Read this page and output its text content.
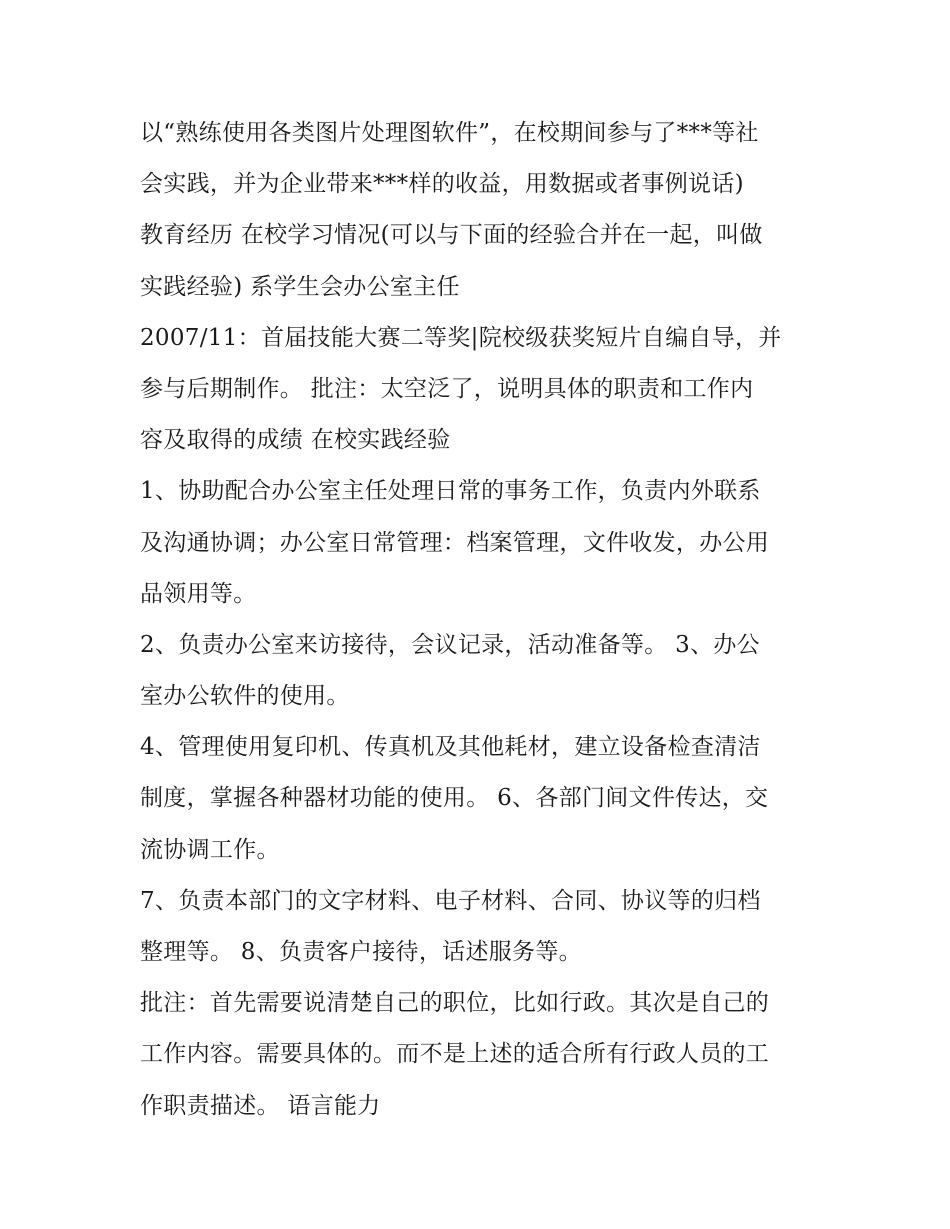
以“熟练使用各类图片处理图软件”，在校期间参与了***等社
会实践，并为企业带来***样的收益，用数据或者事例说话)
教育经历 在校学习情况(可以与下面的经验合并在一起，叫做
实践经验) 系学生会办公室主任
2007/11：首届技能大赛二等奖|院校级获奖短片自编自导，并
参与后期制作。 批注：太空泛了，说明具体的职责和工作内
容及取得的成绩 在校实践经验
1、协助配合办公室主任处理日常的事务工作，负责内外联系
及沟通协调；办公室日常管理：档案管理，文件收发，办公用
品领用等。
2、负责办公室来访接待，会议记录，活动准备等。 3、办公
室办公软件的使用。
4、管理使用复印机、传真机及其他耗材，建立设备检查清洁
制度，掌握各种器材功能的使用。 6、各部门间文件传达，交
流协调工作。
7、负责本部门的文字材料、电子材料、合同、协议等的归档
整理等。 8、负责客户接待，话述服务等。
批注：首先需要说清楚自己的职位，比如行政。其次是自己的
工作内容。需要具体的。而不是上述的适合所有行政人员的工
作职责描述。 语言能力
